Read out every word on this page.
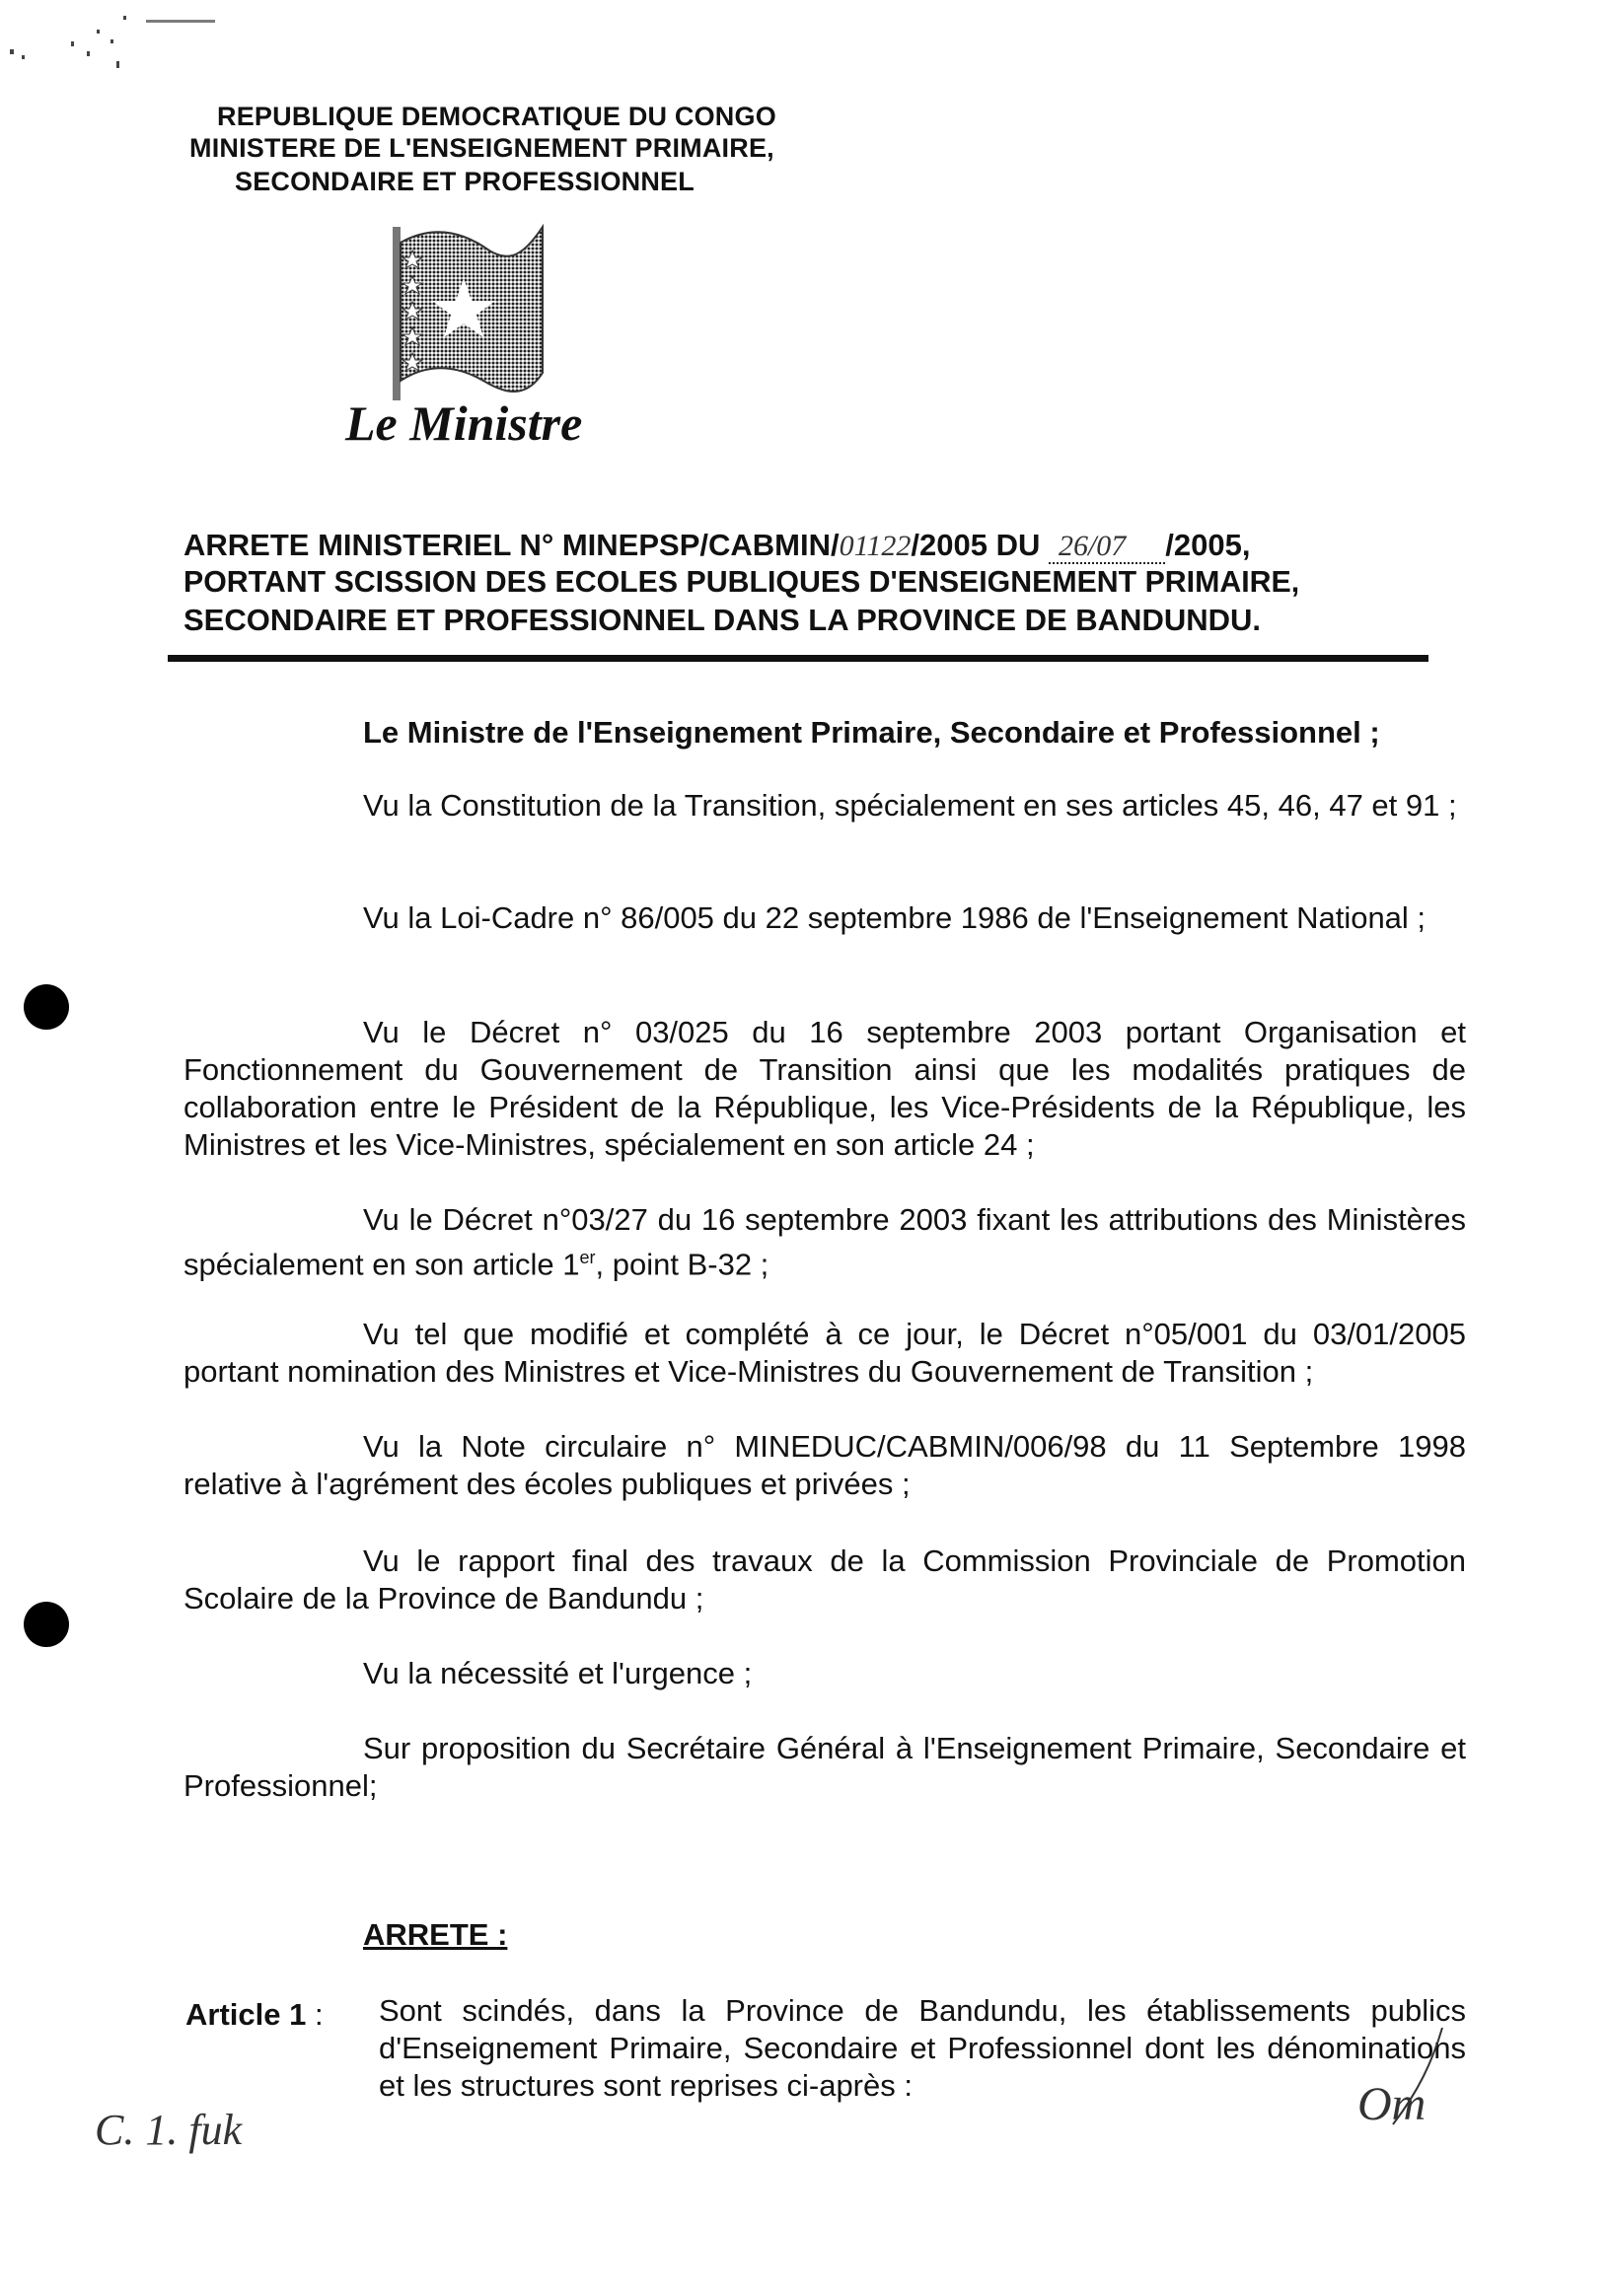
REPUBLIQUE DEMOCRATIQUE DU CONGO
MINISTERE DE L'ENSEIGNEMENT PRIMAIRE,
SECONDAIRE ET PROFESSIONNEL
Le Ministre
ARRETE MINISTERIEL N° MINEPSP/CABMIN/01122/2005 DU 26/07 /2005,
PORTANT SCISSION DES ECOLES PUBLIQUES D'ENSEIGNEMENT PRIMAIRE,
SECONDAIRE ET PROFESSIONNEL DANS LA PROVINCE DE BANDUNDU.
Le Ministre de l'Enseignement Primaire, Secondaire et Professionnel ;
Vu la Constitution de la Transition, spécialement en ses articles 45, 46, 47 et 91 ;
Vu la Loi-Cadre n° 86/005 du 22 septembre 1986 de l'Enseignement National ;
Vu le Décret n° 03/025 du 16 septembre 2003 portant Organisation et Fonctionnement du Gouvernement de Transition ainsi que les modalités pratiques de collaboration entre le Président de la République, les Vice-Présidents de la République, les Ministres et les Vice-Ministres, spécialement en son article 24 ;
Vu le Décret n°03/27 du 16 septembre 2003 fixant les attributions des Ministères spécialement en son article 1er, point B-32 ;
Vu tel que modifié et complété à ce jour, le Décret n°05/001 du 03/01/2005 portant nomination des Ministres et Vice-Ministres du Gouvernement de Transition ;
Vu la Note circulaire n° MINEDUC/CABMIN/006/98 du 11 Septembre 1998 relative à l'agrément des écoles publiques et privées ;
Vu le rapport final des travaux de la Commission Provinciale de Promotion Scolaire de la Province de Bandundu ;
Vu la nécessité et l'urgence ;
Sur proposition du Secrétaire Général à l'Enseignement Primaire, Secondaire et Professionnel;
ARRETE :
Article 1 : Sont scindés, dans la Province de Bandundu, les établissements publics d'Enseignement Primaire, Secondaire et Professionnel dont les dénominations et les structures sont reprises ci-après :
C. 1. fuk	Om
